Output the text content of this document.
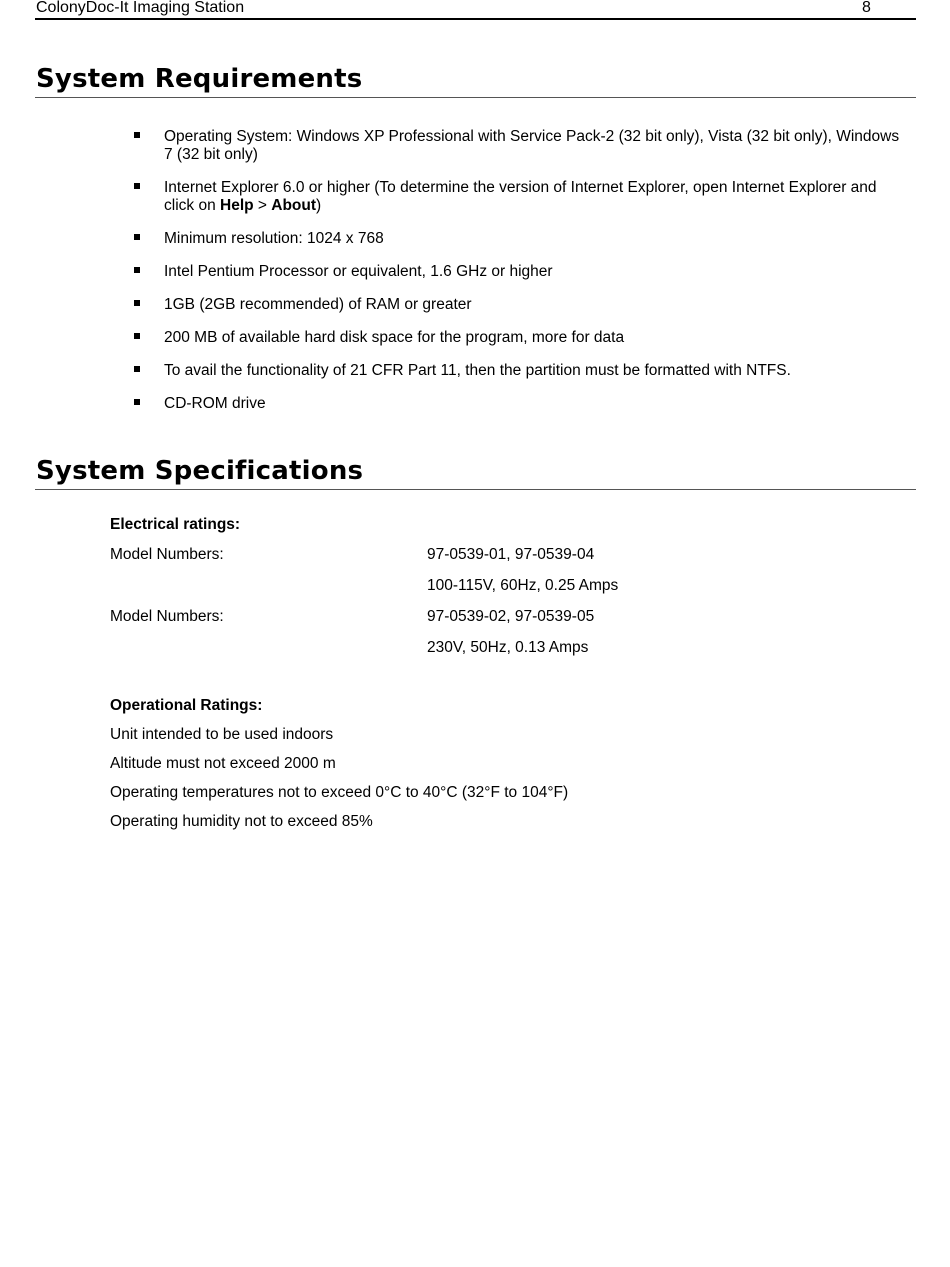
ColonyDoc-It Imaging Station	8
System Requirements
Operating System: Windows XP Professional with Service Pack-2 (32 bit only), Vista (32 bit only), Windows 7 (32 bit only)
Internet Explorer 6.0 or higher (To determine the version of Internet Explorer, open Internet Explorer and click on Help > About)
Minimum resolution: 1024 x 768
Intel Pentium Processor or equivalent, 1.6 GHz or higher
1GB (2GB recommended) of RAM or greater
200 MB of available hard disk space for the program, more for data
To avail the functionality of 21 CFR Part 11, then the partition must be formatted with NTFS.
CD-ROM drive
System Specifications
Electrical ratings:
Model Numbers:	97-0539-01, 97-0539-04
100-115V, 60Hz, 0.25 Amps
Model Numbers:	97-0539-02, 97-0539-05
230V, 50Hz, 0.13 Amps
Operational Ratings:
Unit intended to be used indoors
Altitude must not exceed 2000 m
Operating temperatures not to exceed 0°C to 40°C (32°F to 104°F)
Operating humidity not to exceed 85%
